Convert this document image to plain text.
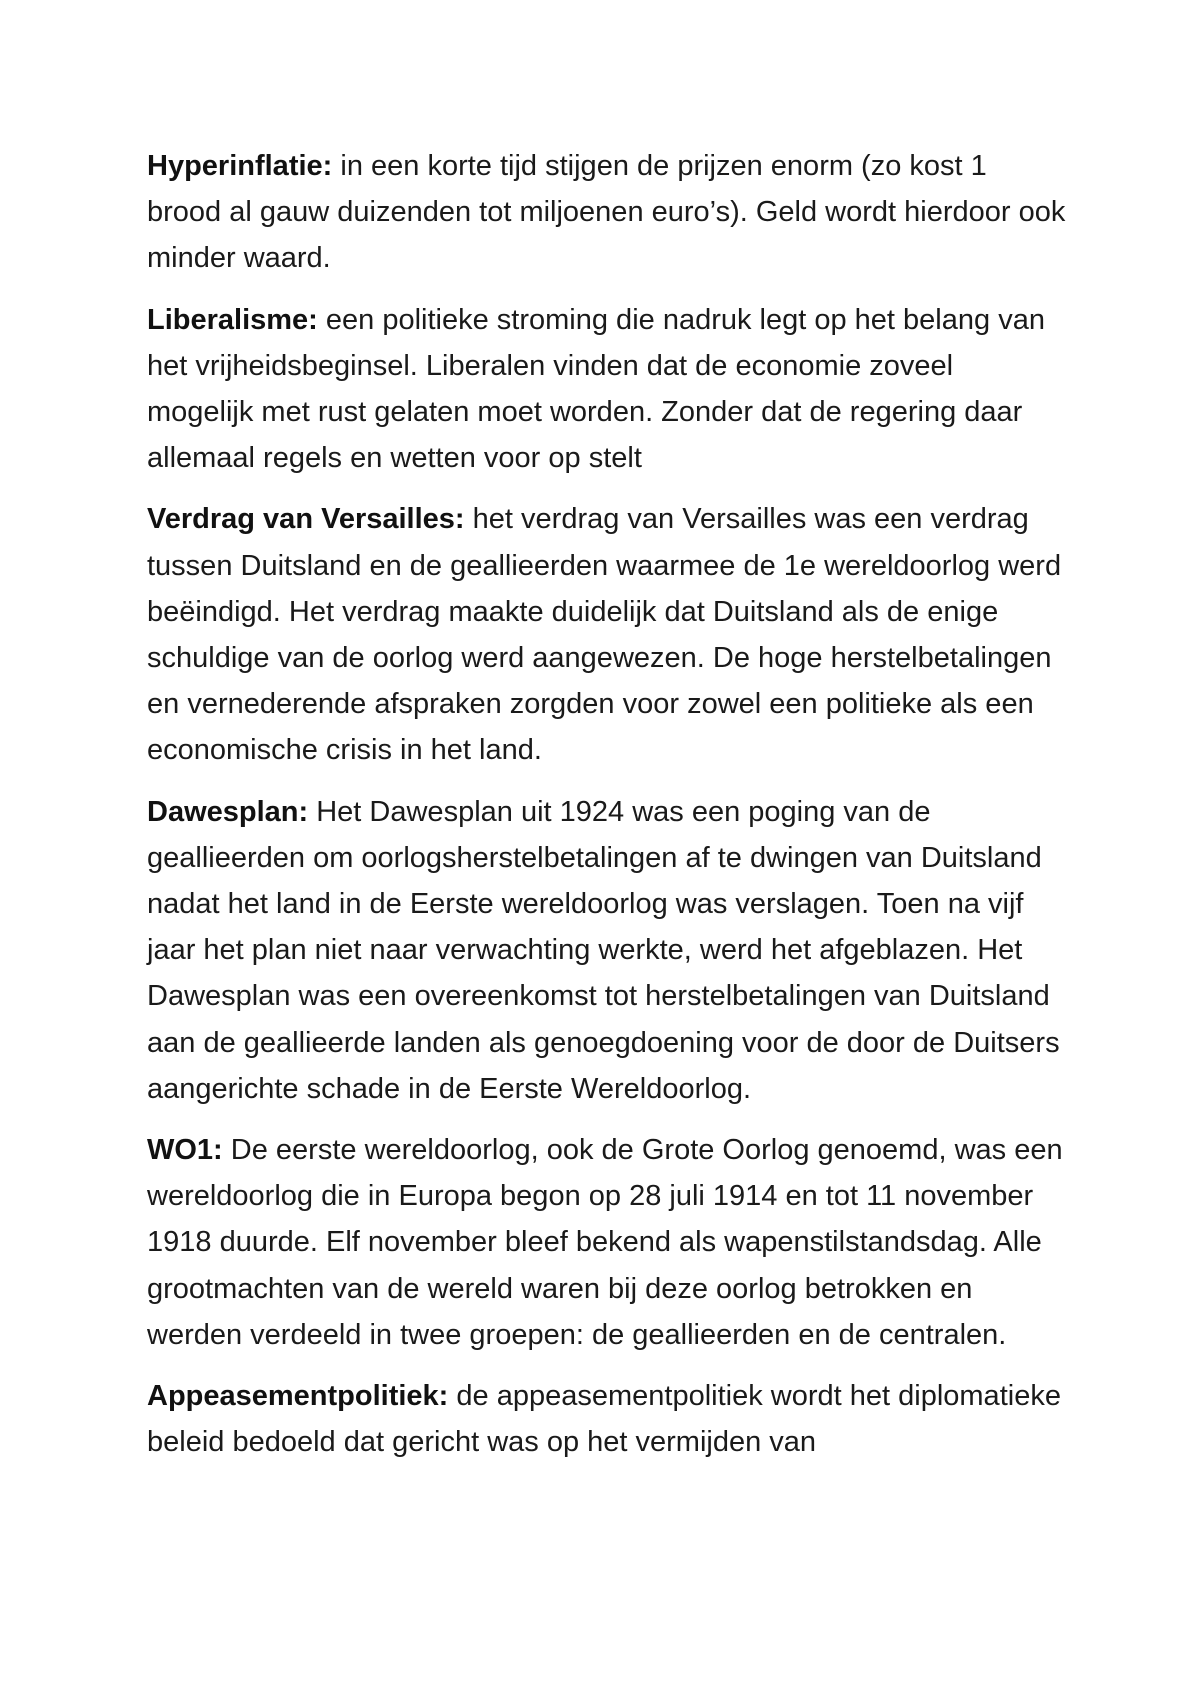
Hyperinflatie: in een korte tijd stijgen de prijzen enorm (zo kost 1 brood al gauw duizenden tot miljoenen euro’s). Geld wordt hierdoor ook minder waard.

Liberalisme: een politieke stroming die nadruk legt op het belang van het vrijheidsbeginsel. Liberalen vinden dat de economie zoveel mogelijk met rust gelaten moet worden. Zonder dat de regering daar allemaal regels en wetten voor op stelt

Verdrag van Versailles: het verdrag van Versailles was een verdrag tussen Duitsland en de geallieerden waarmee de 1e wereldoorlog werd beëindigd. Het verdrag maakte duidelijk dat Duitsland als de enige schuldige van de oorlog werd aangewezen. De hoge herstelbetalingen en vernederende afspraken zorgden voor zowel een politieke als een economische crisis in het land.

Dawesplan: Het Dawesplan uit 1924 was een poging van de geallieerden om oorlogsherstelbetalingen af te dwingen van Duitsland nadat het land in de Eerste wereldoorlog was verslagen. Toen na vijf jaar het plan niet naar verwachting werkte, werd het afgeblazen. Het Dawesplan was een overeenkomst tot herstelbetalingen van Duitsland aan de geallieerde landen als genoegdoening voor de door de Duitsers aangerichte schade in de Eerste Wereldoorlog.

WO1: De eerste wereldoorlog, ook de Grote Oorlog genoemd, was een wereldoorlog die in Europa begon op 28 juli 1914 en tot 11 november 1918 duurde. Elf november bleef bekend als wapenstilstandsdag. Alle grootmachten van de wereld waren bij deze oorlog betrokken en werden verdeeld in twee groepen: de geallieerden en de centralen.

Appeasementpolitiek: de appeasementpolitiek wordt het diplomatieke beleid bedoeld dat gericht was op het vermijden van
